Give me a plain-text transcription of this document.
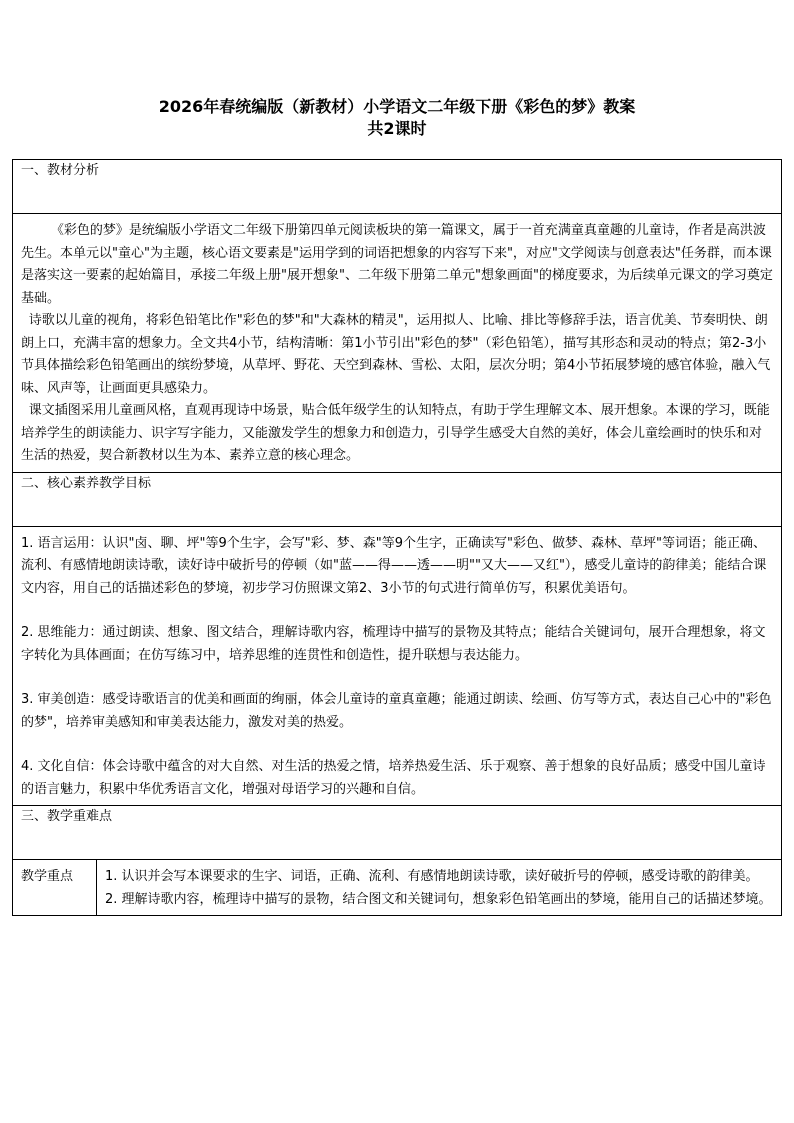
2026年春统编版（新教材）小学语文二年级下册《彩色的梦》教案
共2课时
一、教材分析

《彩色的梦》是统编版小学语文二年级下册第四单元阅读板块的第一篇课文，属于一首充满童真童趣的儿童诗，作者是高洪波先生。本单元以"童心"为主题，核心语文要素是"运用学到的词语把想象的内容写下来"，对应"文学阅读与创意表达"任务群，而本课是落实这一要素的起始篇目，承接二年级上册"展开想象"、二年级下册第二单元"想象画面"的梯度要求，为后续单元课文的学习奠定基础。

诗歌以儿童的视角，将彩色铅笔比作"彩色的梦"和"大森林的精灵"，运用拟人、比喻、排比等修辞手法，语言优美、节奏明快、朗朗上口，充满丰富的想象力。全文共4小节，结构清晰：第1小节引出"彩色的梦"（彩色铅笔），描写其形态和灵动的特点；第2-3小节具体描绘彩色铅笔画出的缤纷梦境，从草坪、野花、天空到森林、雪松、太阳，层次分明；第4小节拓展梦境的感官体验，融入气味、风声等，让画面更具感染力。

课文插图采用儿童画风格，直观再现诗中场景，贴合低年级学生的认知特点，有助于学生理解文本、展开想象。本课的学习，既能培养学生的朗读能力、识字写字能力，又能激发学生的想象力和创造力，引导学生感受大自然的美好，体会儿童绘画时的快乐和对生活的热爱，契合新教材以生为本、素养立意的核心理念。

二、核心素养教学目标

1. 语言运用：认识"卤、聊、坪"等9个生字，会写"彩、梦、森"等9个生字，正确读写"彩色、做梦、森林、草坪"等词语；能正确、流利、有感情地朗读诗歌，读好诗中破折号的停顿（如"蓝——得——透——明""又大——又红"），感受儿童诗的韵律美；能结合课文内容，用自己的话描述彩色的梦境，初步学习仿照课文第2、3小节的句式进行简单仿写，积累优美语句。

2. 思维能力：通过朗读、想象、图文结合，理解诗歌内容，梳理诗中描写的景物及其特点；能结合关键词句，展开合理想象，将文字转化为具体画面；在仿写练习中，培养思维的连贯性和创造性，提升联想与表达能力。

3. 审美创造：感受诗歌语言的优美和画面的绚丽，体会儿童诗的童真童趣；能通过朗读、绘画、仿写等方式，表达自己心中的"彩色的梦"，培养审美感知和审美表达能力，激发对美的热爱。

4. 文化自信：体会诗歌中蕴含的对大自然、对生活的热爱之情，培养热爱生活、乐于观察、善于想象的良好品质；感受中国儿童诗的语言魅力，积累中华优秀语言文化，增强对母语学习的兴趣和自信。

三、教学重难点
教学重点	1. 认识并会写本课要求的生字、词语，正确、流利、有感情地朗读诗歌，读好破折号的停顿，感受诗歌的韵律美。

2. 理解诗歌内容，梳理诗中描写的景物，结合图文和关键词句，想象彩色铅笔画出的梦境，能用自己的话描述梦境。
